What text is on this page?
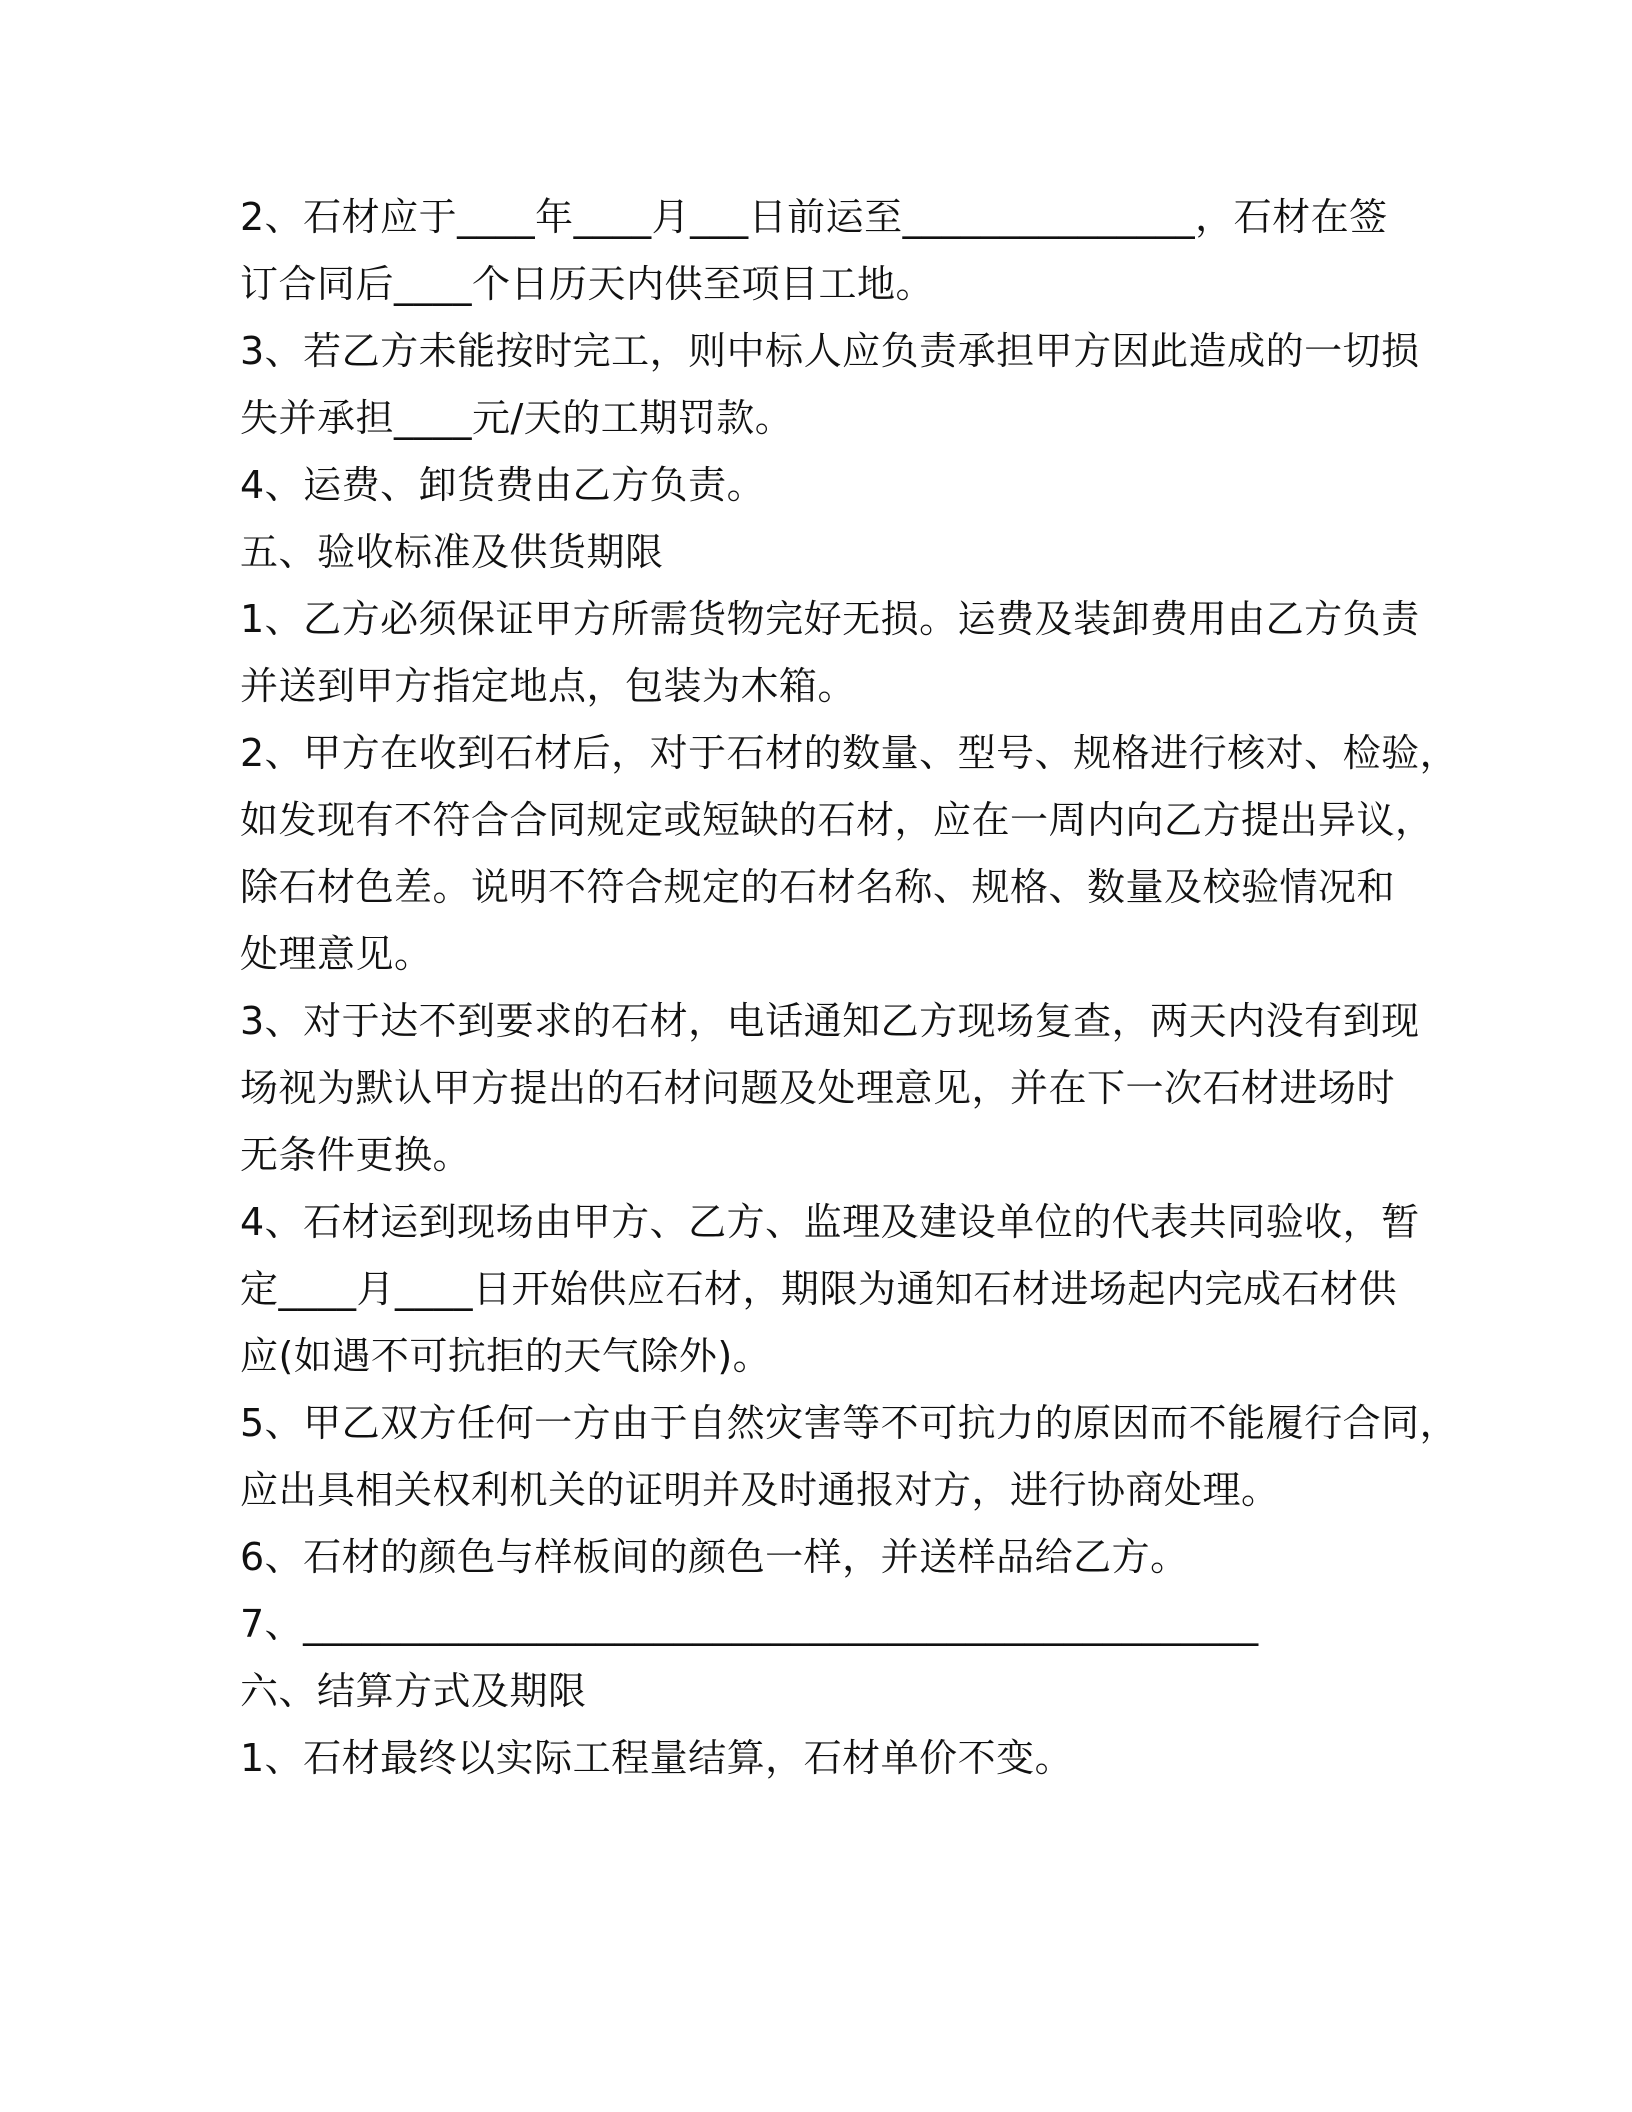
2、石材应于____年____月___日前运至_______________，石材在签
订合同后____个日历天内供至项目工地。
3、若乙方未能按时完工，则中标人应负责承担甲方因此造成的一切损
失并承担____元/天的工期罚款。
4、运费、卸货费由乙方负责。
五、验收标准及供货期限
1、乙方必须保证甲方所需货物完好无损。运费及装卸费用由乙方负责
并送到甲方指定地点，包装为木箱。
2、甲方在收到石材后，对于石材的数量、型号、规格进行核对、检验，
如发现有不符合合同规定或短缺的石材，应在一周内向乙方提出异议，
除石材色差。说明不符合规定的石材名称、规格、数量及校验情况和
处理意见。
3、对于达不到要求的石材，电话通知乙方现场复查，两天内没有到现
场视为默认甲方提出的石材问题及处理意见，并在下一次石材进场时
无条件更换。
4、石材运到现场由甲方、乙方、监理及建设单位的代表共同验收，暂
定____月____日开始供应石材，期限为通知石材进场起内完成石材供
应(如遇不可抗拒的天气除外)。
5、甲乙双方任何一方由于自然灾害等不可抗力的原因而不能履行合同，
应出具相关权利机关的证明并及时通报对方，进行协商处理。
6、石材的颜色与样板间的颜色一样，并送样品给乙方。
7、_________________________________________________
六、结算方式及期限
1、石材最终以实际工程量结算，石材单价不变。
